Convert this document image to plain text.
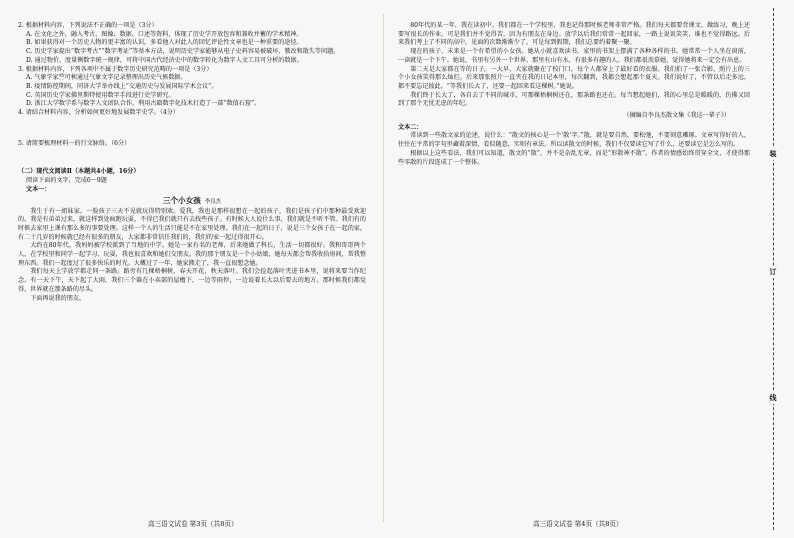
2. 根据材料内容，下列说法不正确的一项是（3分）

A. 在文化之外，融入考古、图像、数据、口述等资料，体现了历史学开放包容和兼收并蓄的学术精神。

B. 如果获得对一个历史人物的更丰富的认识，多看他人对此人的回忆评论性文章也是一种重要的途径。

C. 历史学家提出“数字考古”“数字考证”等基本方法，说明历史学家能够从电子史料容易被破坏、篡改和散失等问题。

D. 通过物价、度量衡数字统一规律，可将中国古代经济史中的数字转化为数字人文工具可分析的数据。

3. 根据材料内容，下列各项中不属于数字历史研究范畴的一项是（3分）

A. 气象学家竺可桢通过气象文字记录整理出历史气候数据。

B. 疫情防控期间，同济大学举办线上“交通历史与发展国际学术会议”。

C. 英国历史学家佛里斯特使用数字手段进行史学研究。

D. 浙江大学数学系与数字人文团队合作，利用古籍数字化技术打造了一部“数值石窟”。

4. 请结合材料内容，分析如何更好地发展数字史学。（4分）

5. 请简要梳理材料一的行文脉络。（6分）

（二）现代文阅读Ⅱ（本题共4小题，16分）

阅读下面的文字，完成6～9题

文本一：

三个小女孩 李良杰

我生于有一姐妹家。一脸孩子三天不见就玩得特别欢。爱我，我也是那样很想在一起的孩子，我们是孩子们中那种最受欢迎的。我是有弟弟过来，就这样到处疯跑玩耍，不得已我们就只有去找些孩子。有时候大人说什么事，我们就是不听不管。我们有的时候去家里上课有那么多的事要处理。这样一个人的生活只能是不在家里处理。我们在一起的日子，说是三个女孩子在一起的家，有二十几岁的时候就已经有很多的朋友，大家都非常信任我们的，我们的家一起过得很开心。

大约在80年代，我妈妈被学校派到了当地的中学。她是一家有名的老师，后来她做了科长，生活一切都很好。我和哥哥两个人，在学校里和同学一起学习、玩耍，我也很喜欢和她们交朋友。我的那个朋友是一个小姑娘，她每天都会帮我收拾房间，帮我整理东西。我们一起度过了很多快乐的时光。大概过了一年，她家搬走了，我一直很想念她。

我们每天上学放学都走同一条路。路旁有几棵梧桐树，春天开花，秋天落叶。我们会捡起落叶夹进书本里，说将来要当作纪念。有一天下午，天下起了大雨，我们三个躲在小卖部的屋檐下，一边等雨停，一边说着长大以后要去的地方。那时候我们都觉得，世界就在那条路的尽头。

下面再说我的朋友。

80年代的某一年，我在读初中。我们都在一个学校里，我也记得那时候老师非常严格。我们每天都要背课文、做练习，晚上还要写很长的作业。可是我们并不觉得苦，因为有朋友在身边。放学以后我们常常一起回家，一路上说说笑笑，谁也不觉得路远。后来我们考上了不同的高中，见面的次数渐渐少了，可是每到假期，我们总要约着聚一聚。

现在的孩子，未来是一个有希望的小女孩。她从小就喜欢读书，家里的书架上摆满了各种各样的书。她常常一个人坐在窗前，一读就是一个下午。她说，书里有另外一个世界，那里有山有水，有很多有趣的人。我们都很羡慕她，觉得她将来一定会有出息。

第二天是大家都在等的日子。一大早，大家就聚在了校门口，每个人都穿上了最好看的衣服。我们拍了一张合影，照片上的三个小女孩笑得那么灿烂。后来那张照片一直夹在我的日记本里，每次翻到，我都会想起那个夏天。我们说好了，不管以后走多远，都不要忘记彼此。“等我们长大了，还要一起回来看这棵树。”她说。

我们终于长大了，各自去了不同的城市，可那棵梧桐树还在，那条路也还在。每当想起她们，我的心里总是暖暖的，仿佛又回到了那个无忧无虑的年纪。

（摘编自李良杰散文集《我这一辈子》）

文本二：

常读到一些散文家的论述，说什么：“散文的核心是一个‘散’字。”散，就是要自然，要松弛，不要刻意雕琢。文章写得好的人，往往在平常的字句里藏着深情，看似随意，实则有章法。所以读散文的时候，我们不仅要读它写了什么，还要读它是怎么写的。

根据以上这些看法，我们可以知道，散文的“散”，并不是杂乱无章，而是“形散神不散”。作者的情感始终贯穿全文，才使得那些零散的片段连成了一个整体。

高三语文试卷 第3页（共8页）	高三语文试卷 第4页（共8页）
装
订
线
